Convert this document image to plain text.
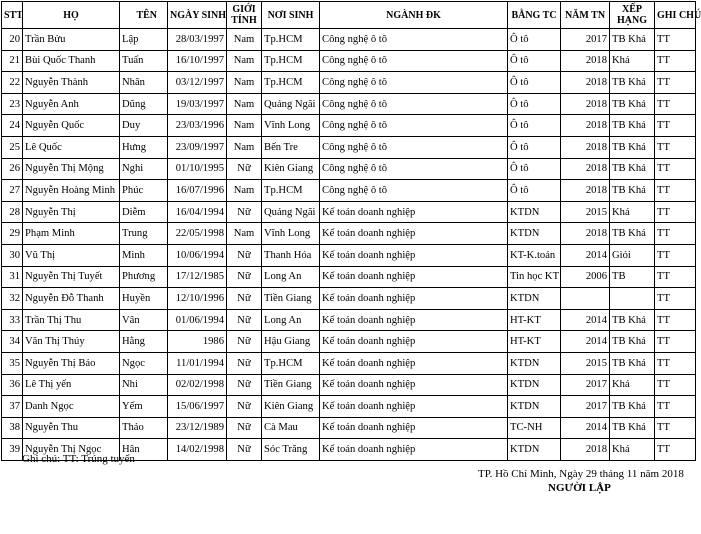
STT	HỌ	TÊN	NGÀY SINH	GIỚI TÍNH	NƠI SINH	NGÀNH ĐK	BẰNG TC	NĂM TN	XẾP HẠNG	GHI CHÚ
20	Trần Bửu	Lập	28/03/1997	Nam	Tp.HCM	Công nghệ ô tô	Ô tô	2017	TB Khá	TT
21	Bùi Quốc Thanh	Tuấn	16/10/1997	Nam	Tp.HCM	Công nghệ ô tô	Ô tô	2018	Khá	TT
22	Nguyễn Thành	Nhân	03/12/1997	Nam	Tp.HCM	Công nghệ ô tô	Ô tô	2018	TB Khá	TT
23	Nguyễn Anh	Dũng	19/03/1997	Nam	Quảng Ngãi	Công nghệ ô tô	Ô tô	2018	TB Khá	TT
24	Nguyễn Quốc	Duy	23/03/1996	Nam	Vĩnh Long	Công nghệ ô tô	Ô tô	2018	TB Khá	TT
25	Lê Quốc	Hưng	23/09/1997	Nam	Bến Tre	Công nghệ ô tô	Ô tô	2018	TB Khá	TT
26	Nguyễn Thị Mộng	Nghi	01/10/1995	Nữ	Kiên Giang	Công nghệ ô tô	Ô tô	2018	TB Khá	TT
27	Nguyễn Hoàng Minh	Phúc	16/07/1996	Nam	Tp.HCM	Công nghệ ô tô	Ô tô	2018	TB Khá	TT
28	Nguyễn Thị	Diễm	16/04/1994	Nữ	Quảng Ngãi	Kế toán doanh nghiệp	KTDN	2015	Khá	TT
29	Phạm Minh	Trung	22/05/1998	Nam	Vĩnh Long	Kế toán doanh nghiệp	KTDN	2018	TB Khá	TT
30	Vũ Thị	Minh	10/06/1994	Nữ	Thanh Hóa	Kế toán doanh nghiệp	KT-K.toán	2014	Giỏi	TT
31	Nguyễn Thị Tuyết	Phương	17/12/1985	Nữ	Long An	Kế toán doanh nghiệp	Tin học KT	2006	TB	TT
32	Nguyễn Đỗ Thanh	Huyền	12/10/1996	Nữ	Tiền Giang	Kế toán doanh nghiệp	KTDN			TT
33	Trần Thị Thu	Vân	01/06/1994	Nữ	Long An	Kế toán doanh nghiệp	HT-KT	2014	TB Khá	TT
34	Văn Thị Thúy	Hằng	1986	Nữ	Hậu Giang	Kế toán doanh nghiệp	HT-KT	2014	TB Khá	TT
35	Nguyễn Thị Bảo	Ngọc	11/01/1994	Nữ	Tp.HCM	Kế toán doanh nghiệp	KTDN	2015	TB Khá	TT
36	Lê Thị yến	Nhi	02/02/1998	Nữ	Tiền Giang	Kế toán doanh nghiệp	KTDN	2017	Khá	TT
37	Danh Ngọc	Yếm	15/06/1997	Nữ	Kiên Giang	Kế toán doanh nghiệp	KTDN	2017	TB Khá	TT
38	Nguyễn Thu	Thảo	23/12/1989	Nữ	Cà Mau	Kế toán doanh nghiệp	TC-NH	2014	TB Khá	TT
39	Nguyễn Thị Ngọc	Hân	14/02/1998	Nữ	Sóc Trăng	Kế toán doanh nghiệp	KTDN	2018	Khá	TT
Ghi chú: TT: Trúng tuyển
TP. Hồ Chí Minh, Ngày 29 tháng 11 năm 2018
NGƯỜI LẬP
